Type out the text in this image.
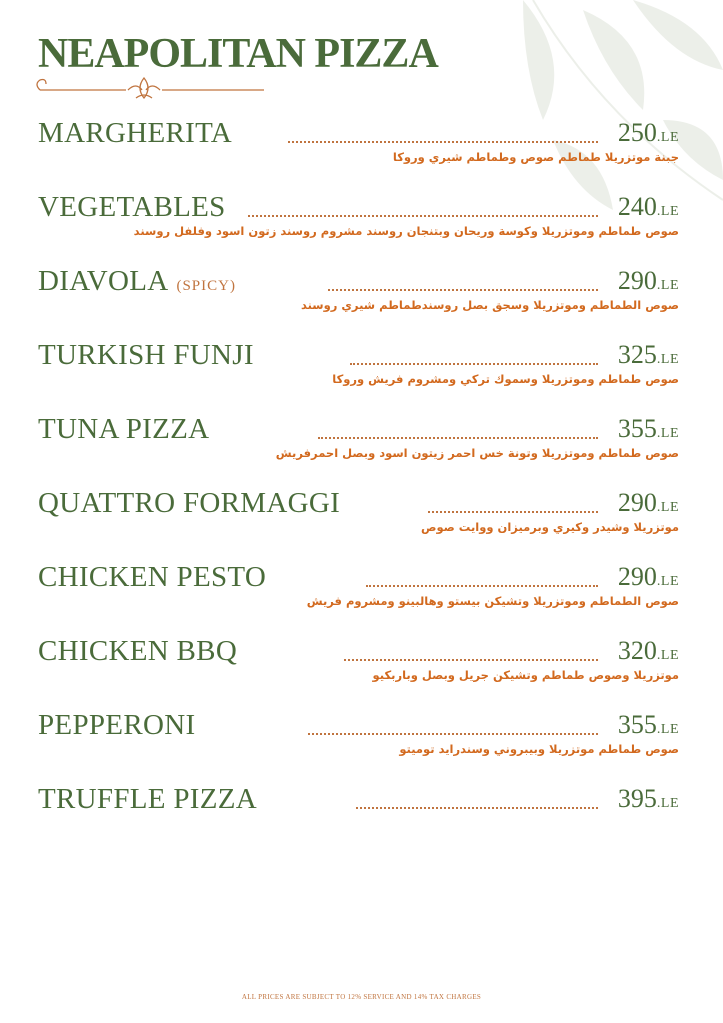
NEAPOLITAN PIZZA
MARGHERITA	250.LE
جبنة موتزريلا طماطم صوص وطماطم شيري وروكا
VEGETABLES	240.LE
صوص طماطم وموتزريلا وكوسة وريحان وبتنجان روسند مشروم روسند زتون اسود وفلفل روسند
DIAVOLA (SPICY)	290.LE
صوص الطماطم وموتزريلا وسجق بصل روسندطماطم شيري روسند
TURKISH FUNJI	325.LE
صوص طماطم وموتزريلا وسموك تركي ومشروم فريش وروكا
TUNA PIZZA	355.LE
صوص طماطم وموتزريلا وتونة خس احمر زيتون اسود وبصل احمرفريش
QUATTRO FORMAGGI	290.LE
موتزريلا وشيدر وكيري وبرميزان ووايت صوص
CHICKEN PESTO	290.LE
صوص الطماطم وموتزريلا وتشيكن بيستو وهالبينو ومشروم فريش
CHICKEN BBQ	320.LE
موتزريلا وصوص طماطم وتشيكن جريل وبصل وباربكيو
PEPPERONI	355.LE
صوص طماطم موتزريلا وبيبروني وسندرايد توميتو
TRUFFLE PIZZA	395.LE
ALL PRICES ARE SUBJECT TO 12% SERVICE AND 14% TAX CHARGES
